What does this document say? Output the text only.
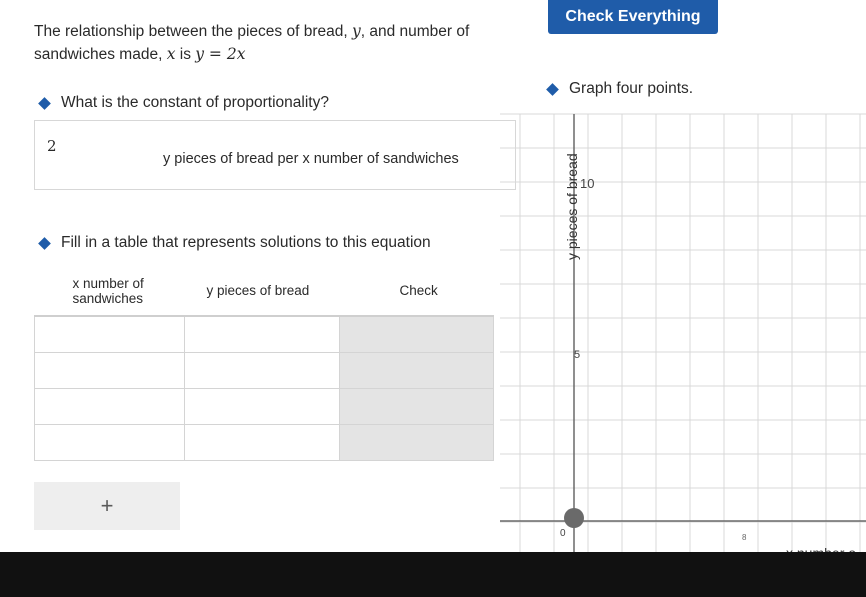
Check Everything
The relationship between the pieces of bread, y, and number of
sandwiches made, x is y = 2x
What is the constant of proportionality?
2
y pieces of bread per x number of sandwiches
Fill in a table that represents solutions to this equation
x number of sandwiches	y pieces of bread	Check

+
Graph four points.
10
5
0	8
y pieces of bread
